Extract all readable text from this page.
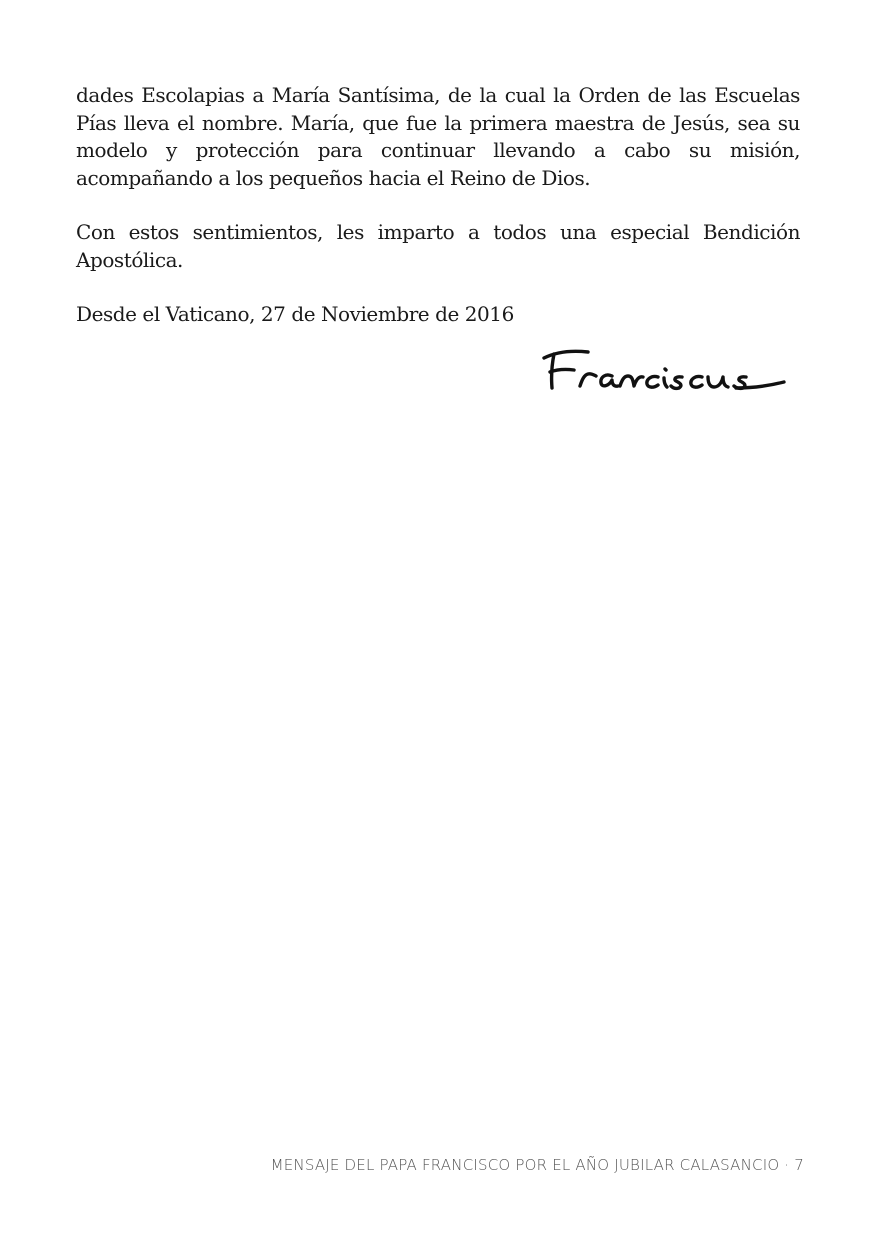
dades Escolapias a María Santísima, de la cual la Orden de las Escuelas Pías lleva el nombre. María, que fue la primera maestra de Jesús, sea su modelo y protección para continuar llevando a cabo su misión, acompañando a los pequeños hacia el Reino de Dios.

Con estos sentimientos, les imparto a todos una especial Bendición Apostólica.

Desde el Vaticano, 27 de Noviembre de 2016

MENSAJE DEL PAPA FRANCISCO POR EL AÑO JUBILAR CALASANCIO · 7
